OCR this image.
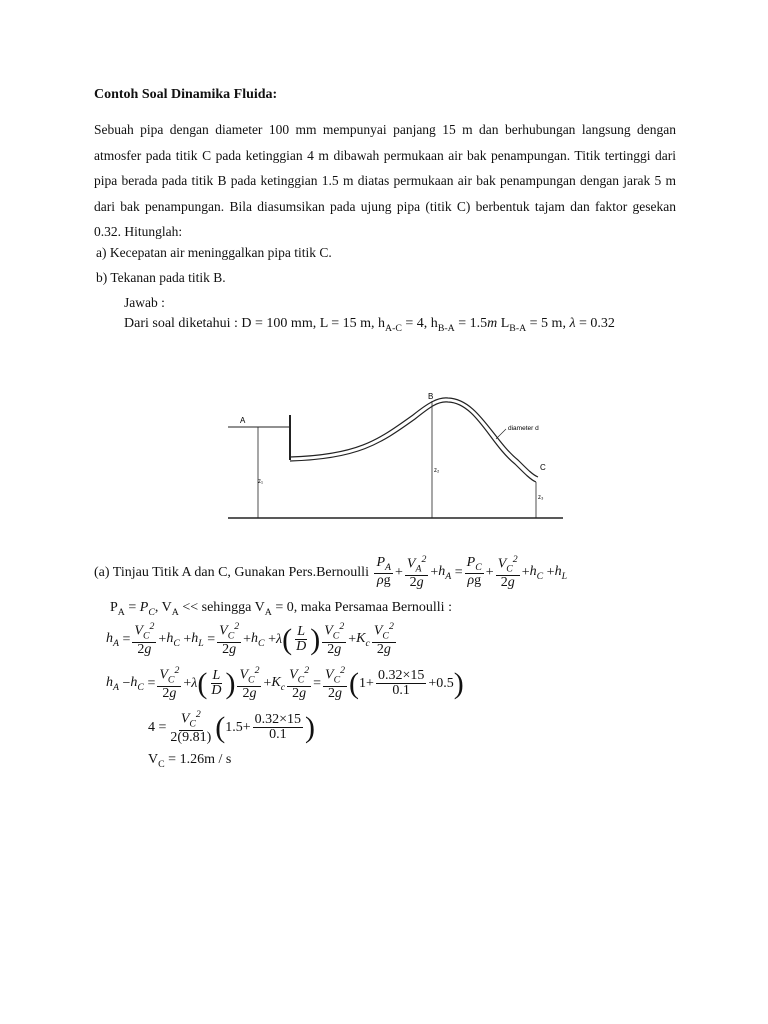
Contoh Soal Dinamika Fluida:
Sebuah pipa dengan diameter 100 mm mempunyai panjang 15 m dan berhubungan langsung dengan atmosfer pada titik C pada ketinggian 4 m dibawah permukaan air bak penampungan. Titik tertinggi dari pipa berada pada titik B pada ketinggian 1.5 m diatas permukaan air bak penampungan dengan jarak 5 m dari bak penampungan. Bila diasumsikan pada ujung pipa (titik C) berbentuk tajam dan faktor gesekan 0.32. Hitunglah:
a) Kecepatan air meninggalkan pipa titik C.
b) Tekanan pada titik B.
Jawab :
Dari soal diketahui : D = 100 mm, L = 15 m, $h_{A-C} = 4$, $h_{B-A} = 1.5m$ $L_{B-A} = 5$ m, λ = 0.32
A
B
C
diameter d
z₁
z₂
z₃
(a) Tinjau Titik A dan C, Gunakan Pers.Bernoulli
$\frac{P_A}{\rho g} + \frac{V_A^2}{2g} + h_A = \frac{P_C}{\rho g} + \frac{V_C^2}{2g} + h_C + h_L$
$P_A = P_C$, $V_A$ << sehingga $V_A = 0$, maka Persamaa Bernoulli :
$h_A = \frac{V_C^2}{2g} + h_C + h_L = \frac{V_C^2}{2g} + h_C + \lambda$ ( $\frac{L}{D}$ ) $\frac{V_C^2}{2g} + K_c \frac{V_C^2}{2g}$
$h_A - h_C = \frac{V_C^2}{2g} + \lambda$ ( $\frac{L}{D}$ ) $\frac{V_C^2}{2g} + K_c \frac{V_C^2}{2g} = \frac{V_C^2}{2g}$ ( $1+ \frac{0.32\times 15}{0.1} +0.5$ )
$4 = \frac{V_C^2}{2(9.81)}$ ( $1.5+ \frac{0.32\times 15}{0.1}$ )
$V_C = 1.26m / s$
